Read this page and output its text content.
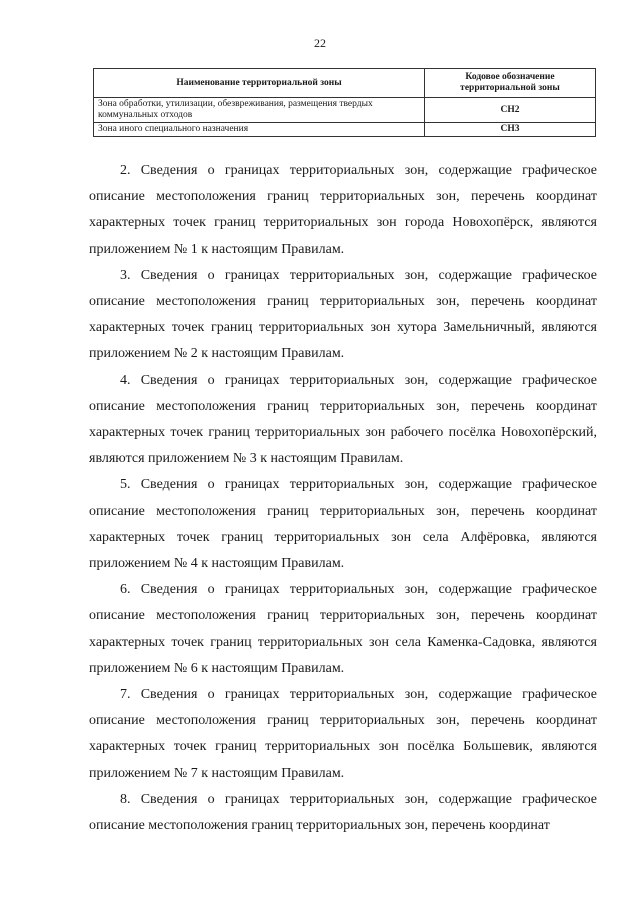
22
Наименование территориальной зоны	Кодовое обозначение территориальной зоны
Зона обработки, утилизации, обезвреживания, размещения твердых коммунальных отходов	СН2
Зона иного специального назначения	СН3

2. Сведения о границах территориальных зон, содержащие графическое описание местоположения границ территориальных зон, перечень координат характерных точек границ территориальных зон города Новохопёрск, являются приложением № 1 к настоящим Правилам.

3. Сведения о границах территориальных зон, содержащие графическое описание местоположения границ территориальных зон, перечень координат характерных точек границ территориальных зон хутора Замельничный, являются приложением № 2 к настоящим Правилам.

4. Сведения о границах территориальных зон, содержащие графическое описание местоположения границ территориальных зон, перечень координат характерных точек границ территориальных зон рабочего посёлка Новохопёрский, являются приложением № 3 к настоящим Правилам.

5. Сведения о границах территориальных зон, содержащие графическое описание местоположения границ территориальных зон, перечень координат характерных точек границ территориальных зон села Алфёровка, являются приложением № 4 к настоящим Правилам.

6. Сведения о границах территориальных зон, содержащие графическое описание местоположения границ территориальных зон, перечень координат характерных точек границ территориальных зон села Каменка-Садовка, являются приложением № 6 к настоящим Правилам.

7. Сведения о границах территориальных зон, содержащие графическое описание местоположения границ территориальных зон, перечень координат характерных точек границ территориальных зон посёлка Большевик, являются приложением № 7 к настоящим Правилам.

8. Сведения о границах территориальных зон, содержащие графическое описание местоположения границ территориальных зон, перечень координат
